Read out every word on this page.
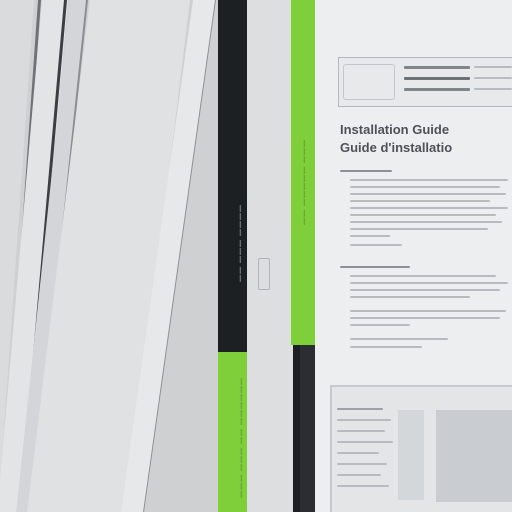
—————— —— ——— ———
———— ——— ——
——— ————— ——
Installation Guide
Guide d'installatio
